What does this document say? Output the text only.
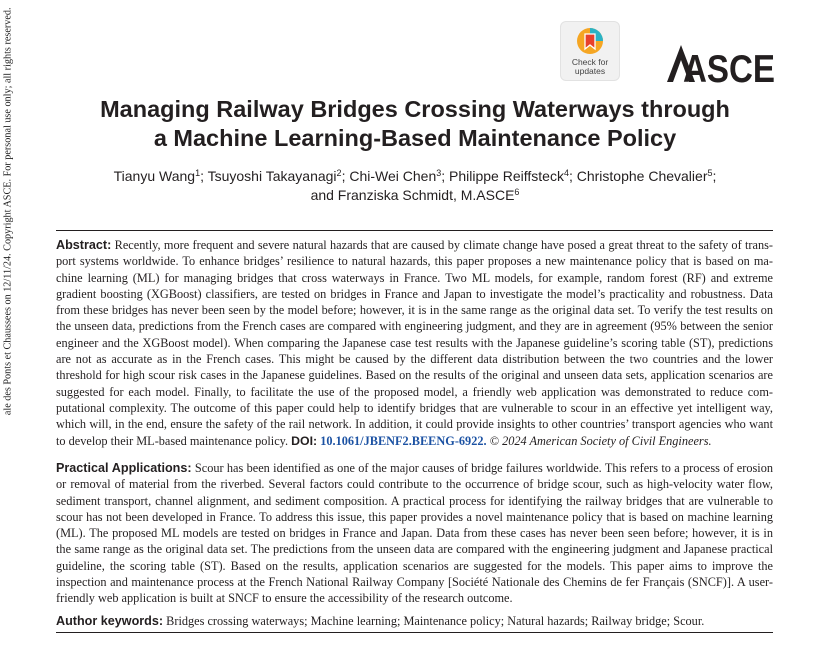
ale des Ponts et Chaussees on 12/11/24. Copyright ASCE. For personal use only; all rights reserved.	Check for
updates	ASCE
Managing Railway Bridges Crossing Waterways through
a Machine Learning-Based Maintenance Policy
Tianyu Wang$^1$; Tsuyoshi Takayanagi$^2$; Chi-Wei Chen$^3$; Philippe Reiffsteck$^4$; Christophe Chevalier$^5$;
and Franziska Schmidt, M.ASCE$^6$

Abstract: Recently, more frequent and severe natural hazards that are caused by climate change have posed a great threat to the safety of transport systems worldwide. To enhance bridges’ resilience to natural hazards, this paper proposes a new maintenance policy that is based on machine learning (ML) for managing bridges that cross waterways in France. Two ML models, for example, random forest (RF) and extreme gradient boosting (XGBoost) classifiers, are tested on bridges in France and Japan to investigate the model’s practicality and robustness. Data from these bridges has never been seen by the model before; however, it is in the same range as the original data set. To verify the test results on the unseen data, predictions from the French cases are compared with engineering judgment, and they are in agreement (95% between the senior engineer and the XGBoost model). When comparing the Japanese case test results with the Japanese guideline’s scoring table (ST), predictions are not as accurate as in the French cases. This might be caused by the different data distribution between the two countries and the lower threshold for high scour risk cases in the Japanese guidelines. Based on the results of the original and unseen data sets, application scenarios are suggested for each model. Finally, to facilitate the use of the proposed model, a friendly web application was demonstrated to reduce computational complexity. The outcome of this paper could help to identify bridges that are vulnerable to scour in an effective yet intelligent way, which will, in the end, ensure the safety of the rail network. In addition, it could provide insights to other countries’ transport agencies who want to develop their ML-based maintenance policy. DOI: 10.1061/JBENF2.BEENG-6922. © 2024 American Society of Civil Engineers.

Practical Applications: Scour has been identified as one of the major causes of bridge failures worldwide. This refers to a process of erosion or removal of material from the riverbed. Several factors could contribute to the occurrence of bridge scour, such as high-velocity water flow, sediment transport, channel alignment, and sediment composition. A practical process for identifying the railway bridges that are vulnerable to scour has not been developed in France. To address this issue, this paper provides a novel maintenance policy that is based on machine learning (ML). The proposed ML models are tested on bridges in France and Japan. Data from these cases has never been seen before; however, it is in the same range as the original data set. The predictions from the unseen data are compared with the engineering judgment and Japanese practical guideline, the scoring table (ST). Based on the results, application scenarios are suggested for the models. This paper aims to improve the inspection and maintenance process at the French National Railway Company [Société Nationale des Chemins de fer Français (SNCF)]. A user-friendly web application is built at SNCF to ensure the accessibility of the research outcome.

Author keywords: Bridges crossing waterways; Machine learning; Maintenance policy; Natural hazards; Railway bridge; Scour.
